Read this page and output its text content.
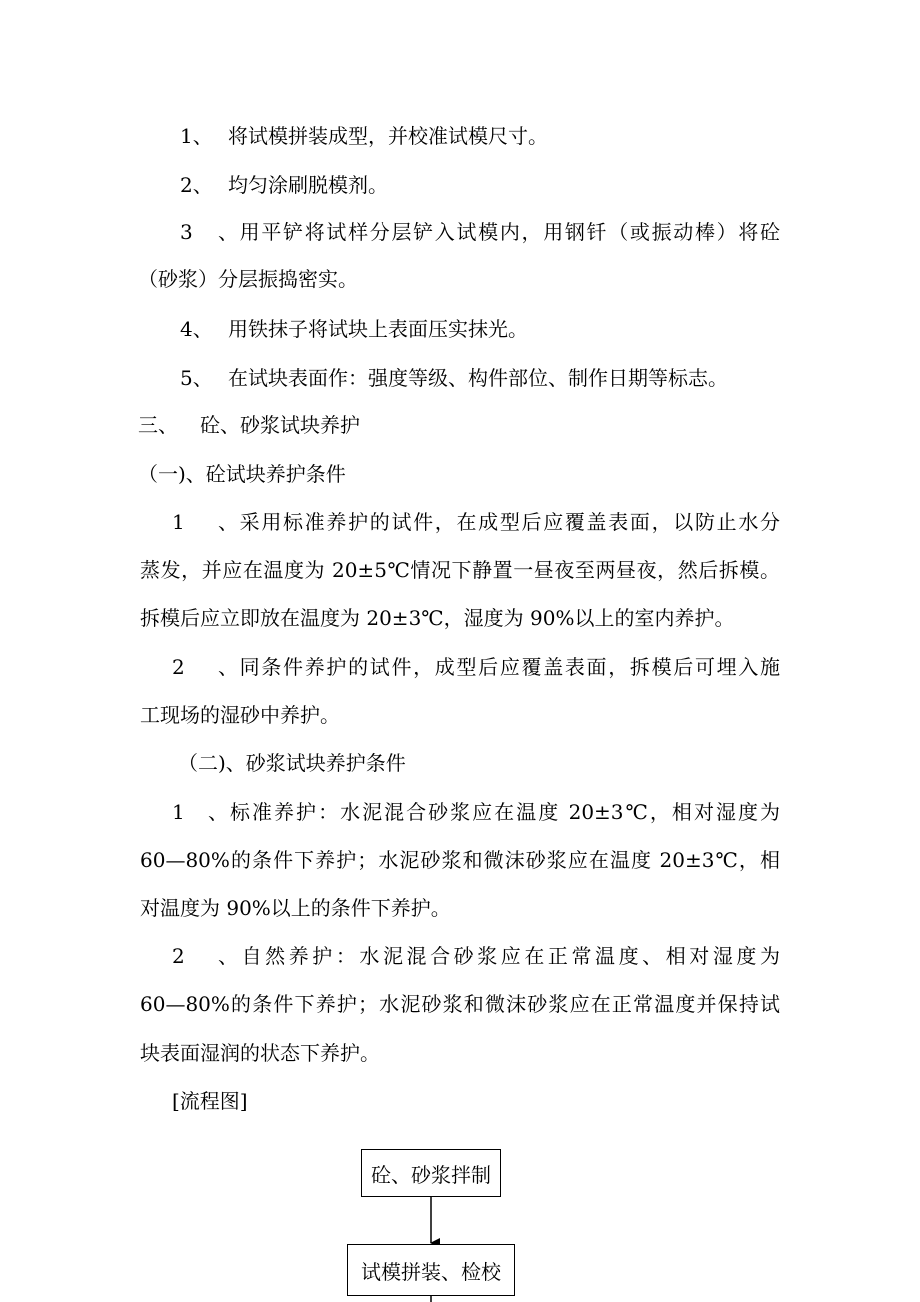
1、 将试模拼装成型，并校准试模尺寸。
2、 均匀涂刷脱模剂。
3、用平铲将试样分层铲入试模内，用钢钎（或振动棒）将砼
（砂浆）分层振捣密实。
4、 用铁抹子将试块上表面压实抹光。
5、 在试块表面作：强度等级、构件部位、制作日期等标志。
三、 砼、砂浆试块养护
（一)、砼试块养护条件
1、采用标准养护的试件，在成型后应覆盖表面，以防止水分
蒸发，并应在温度为 20±5℃情况下静置一昼夜至两昼夜，然后拆模。
拆模后应立即放在温度为 20±3℃，湿度为 90%以上的室内养护。
2、同条件养护的试件，成型后应覆盖表面，拆模后可埋入施
工现场的湿砂中养护。
（二)、砂浆试块养护条件
1、标准养护：水泥混合砂浆应在温度 20±3℃，相对湿度为
60—80%的条件下养护；水泥砂浆和微沫砂浆应在温度 20±3℃，相
对温度为 90%以上的条件下养护。
2、自然养护：水泥混合砂浆应在正常温度、相对湿度为
60—80%的条件下养护；水泥砂浆和微沫砂浆应在正常温度并保持试
块表面湿润的状态下养护。
[流程图]
砼、砂浆拌制
试模拼装、检校
